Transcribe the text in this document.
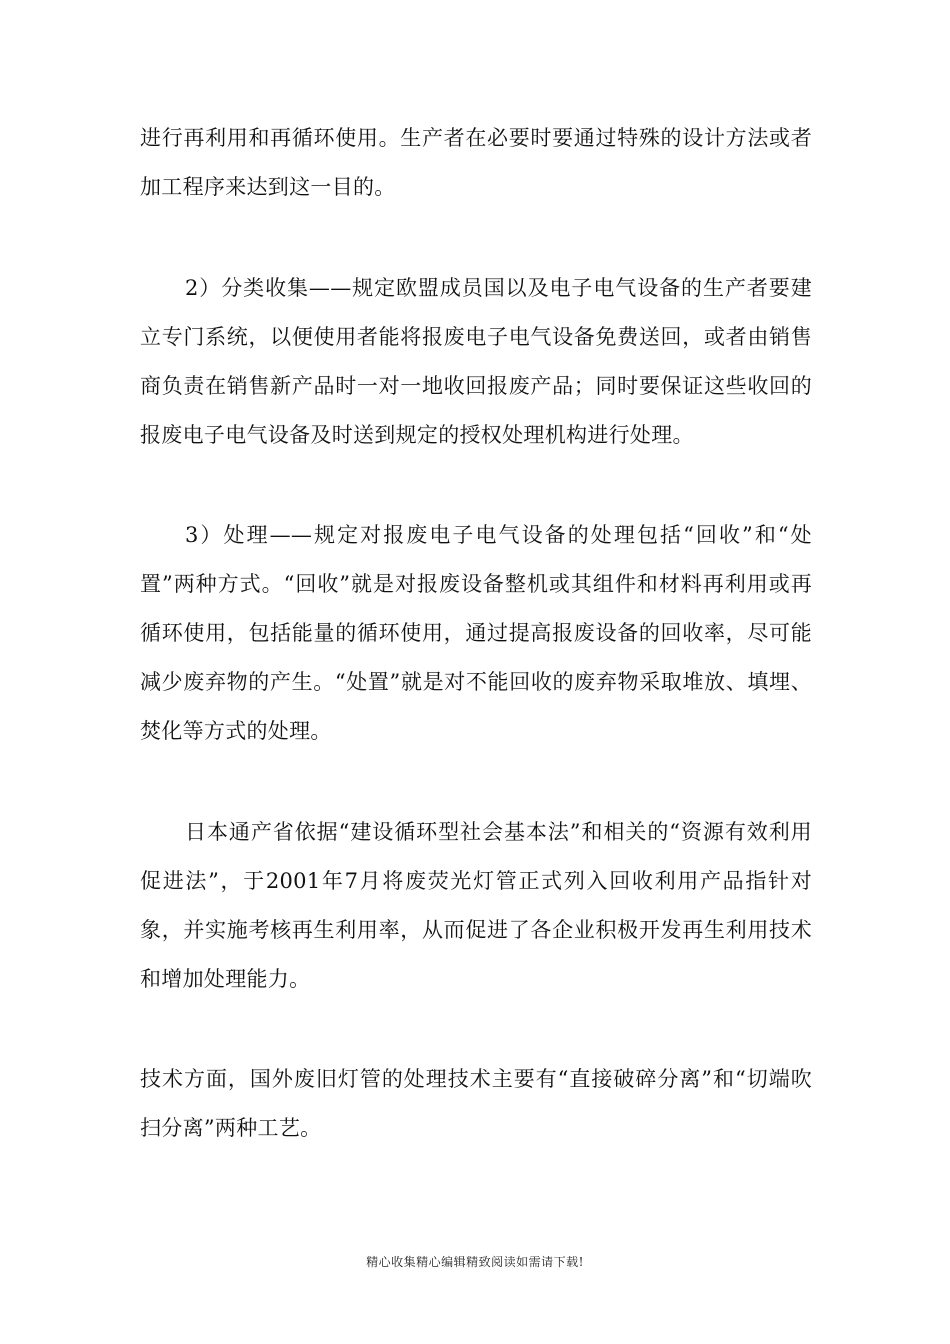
进行再利用和再循环使用。生产者在必要时要通过特殊的设计方法或者加工程序来达到这一目的。

2）分类收集——规定欧盟成员国以及电子电气设备的生产者要建立专门系统，以便使用者能将报废电子电气设备免费送回，或者由销售商负责在销售新产品时一对一地收回报废产品；同时要保证这些收回的报废电子电气设备及时送到规定的授权处理机构进行处理。

3）处理——规定对报废电子电气设备的处理包括“回收”和“处置”两种方式。“回收”就是对报废设备整机或其组件和材料再利用或再循环使用，包括能量的循环使用，通过提高报废设备的回收率，尽可能减少废弃物的产生。“处置”就是对不能回收的废弃物采取堆放、填埋、焚化等方式的处理。

日本通产省依据“建设循环型社会基本法”和相关的“资源有效利用促进法”，于2001年7月将废荧光灯管正式列入回收利用产品指针对象，并实施考核再生利用率，从而促进了各企业积极开发再生利用技术和增加处理能力。

技术方面，国外废旧灯管的处理技术主要有“直接破碎分离”和“切端吹扫分离”两种工艺。

精心收集精心编辑精致阅读如需请下载!
